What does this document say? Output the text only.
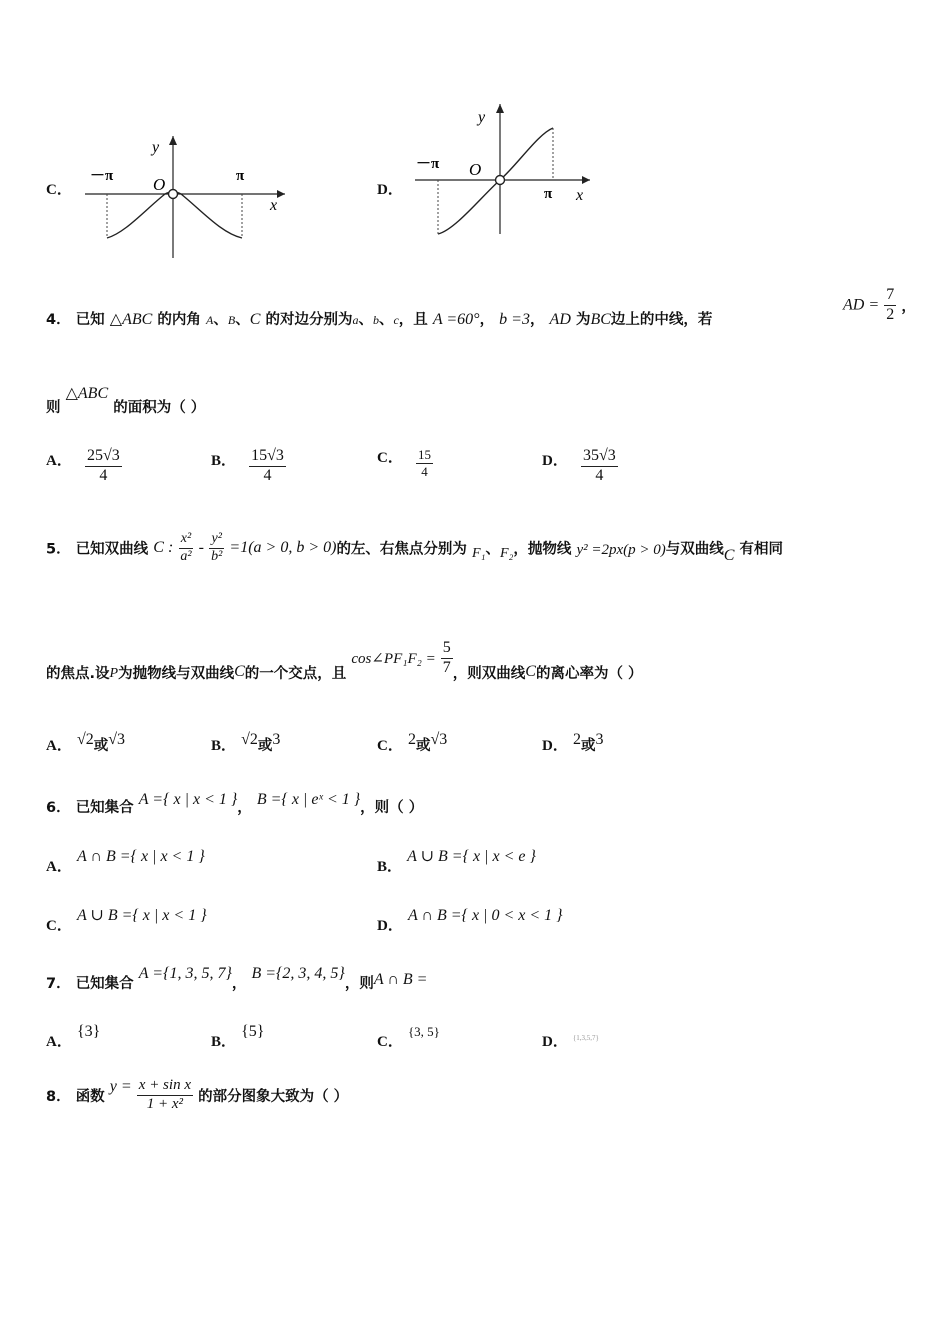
C．
y
x
O
－π	π
D．
y
x
O
－π
π
4． 已知 △ABC 的内角 A、B、C 的对边分别为a、b、c，且 A =60°， b =3， AD 为BC边上的中线，若
AD = $\frac{7}{2}$ ，
则 △ABC 的面积为（ ）
A． $\frac{25√3}{4}$	B． $\frac{15√3}{4}$	C． $\frac{15}{4}$	D． $\frac{35√3}{4}$
5． 已知双曲线 C : $\frac{\text{x²}}{\text{a²}} - \frac{\text{y²}}{\text{b²}} =1(a > 0$, b > 0)的左、右焦点分别为 F₁、F₂，抛物线 y² =2px(p > 0)与双曲线C 有相同
的焦点.设P为抛物线与双曲线C的一个交点，且 cos∠PF₁F₂ = $\frac{5}{7}$ ，则双曲线C的离心率为（ ）
A． √2或√3	B． √2或3	C． 2或√3	D． 2或3
6． 已知集合 A ={ x | x < 1 }， B ={ x | eˣ < 1 }，则（ ）
A． A ∩ B ={ x | x < 1 }
B． A ∪ B ={ x | x < e }
C． A ∪ B ={ x | x < 1 }
D． A ∩ B ={ x | 0 < x < 1 }
7． 已知集合 A ={1, 3, 5, 7}， B ={2, 3, 4, 5}，则A ∩ B =
A． {3}
B． {5}
C． {3, 5}
D． $_{\{1,3,5,7\}}$
8． 函数 $y = \frac{\text{x + sin x}}{\text{1 + x²}}$ 的部分图象大致为（ ）
